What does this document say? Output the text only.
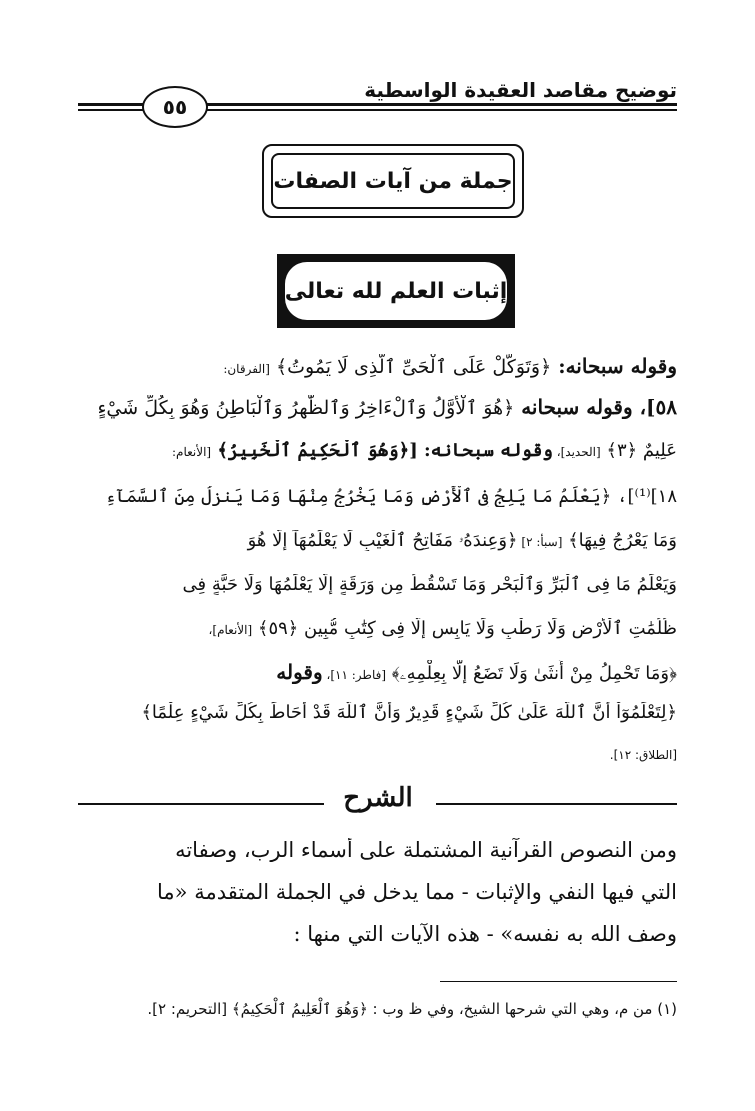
توضيح مقاصد العقيدة الواسطية
٥٥
جملة من آيات الصفات
إثبات العلم لله تعالى
وقوله سبحانه: ﴿وَتَوَكَّلْ عَلَى ٱلْحَىِّ ٱلَّذِى لَا يَمُوتُ﴾ [الفرقان:
٥٨]، وقوله سبحانه ﴿هُوَ ٱلْأَوَّلُ وَٱلْءَاخِرُ وَٱلظَّٰهِرُ وَٱلْبَاطِنُ وَهُوَ بِكُلِّ شَيْءٍ
عَلِيمٌ ﴿٣﴾ [الحديد]، وقوله سبحانه: [﴿وَهُوَ ٱلْحَكِيمُ ٱلْخَبِيرُ﴾ [الأنعام:
١٨]⁽¹⁾]، ﴿يَعْلَمُ مَا يَلِجُ فِى ٱلْأَرْضِ وَمَا يَخْرُجُ مِنْهَا وَمَا يَنزِلُ مِنَ ٱلسَّمَآءِ
وَمَا يَعْرُجُ فِيهَا﴾ [سبأ: ٢] ﴿وَعِندَهُۥ مَفَاتِحُ ٱلْغَيْبِ لَا يَعْلَمُهَآ إِلَّا هُوَ
وَيَعْلَمُ مَا فِى ٱلْبَرِّ وَٱلْبَحْرِ وَمَا تَسْقُطُ مِن وَرَقَةٍ إِلَّا يَعْلَمُهَا وَلَا حَبَّةٍ فِى
ظُلُمَٰتِ ٱلْأَرْضِ وَلَا رَطْبٍ وَلَا يَابِسٍ إِلَّا فِى كِتَٰبٍ مُّبِينٍ ﴿٥٩﴾ [الأنعام]،
﴿وَمَا تَحْمِلُ مِنْ أُنثَىٰ وَلَا تَضَعُ إِلَّا بِعِلْمِهِۦ﴾ [فاطر: ١١]، وقوله
﴿لِتَعْلَمُوٓاْ أَنَّ ٱللَّهَ عَلَىٰ كُلِّ شَيْءٍ قَدِيرٌ وَأَنَّ ٱللَّهَ قَدْ أَحَاطَ بِكُلِّ شَيْءٍ عِلْمًا﴾
[الطلاق: ١٢].
الشرح
ومن النصوص القرآنية المشتملة على أسماء الرب، وصفاته
التي فيها النفي والإثبات - مما يدخل في الجملة المتقدمة «ما
وصف الله به نفسه» - هذه الآيات التي منها :
(١) من م، وهي التي شرحها الشيخ، وفي ظ وب : ﴿وَهُوَ ٱلْعَلِيمُ ٱلْحَكِيمُ﴾ [التحريم: ٢].
